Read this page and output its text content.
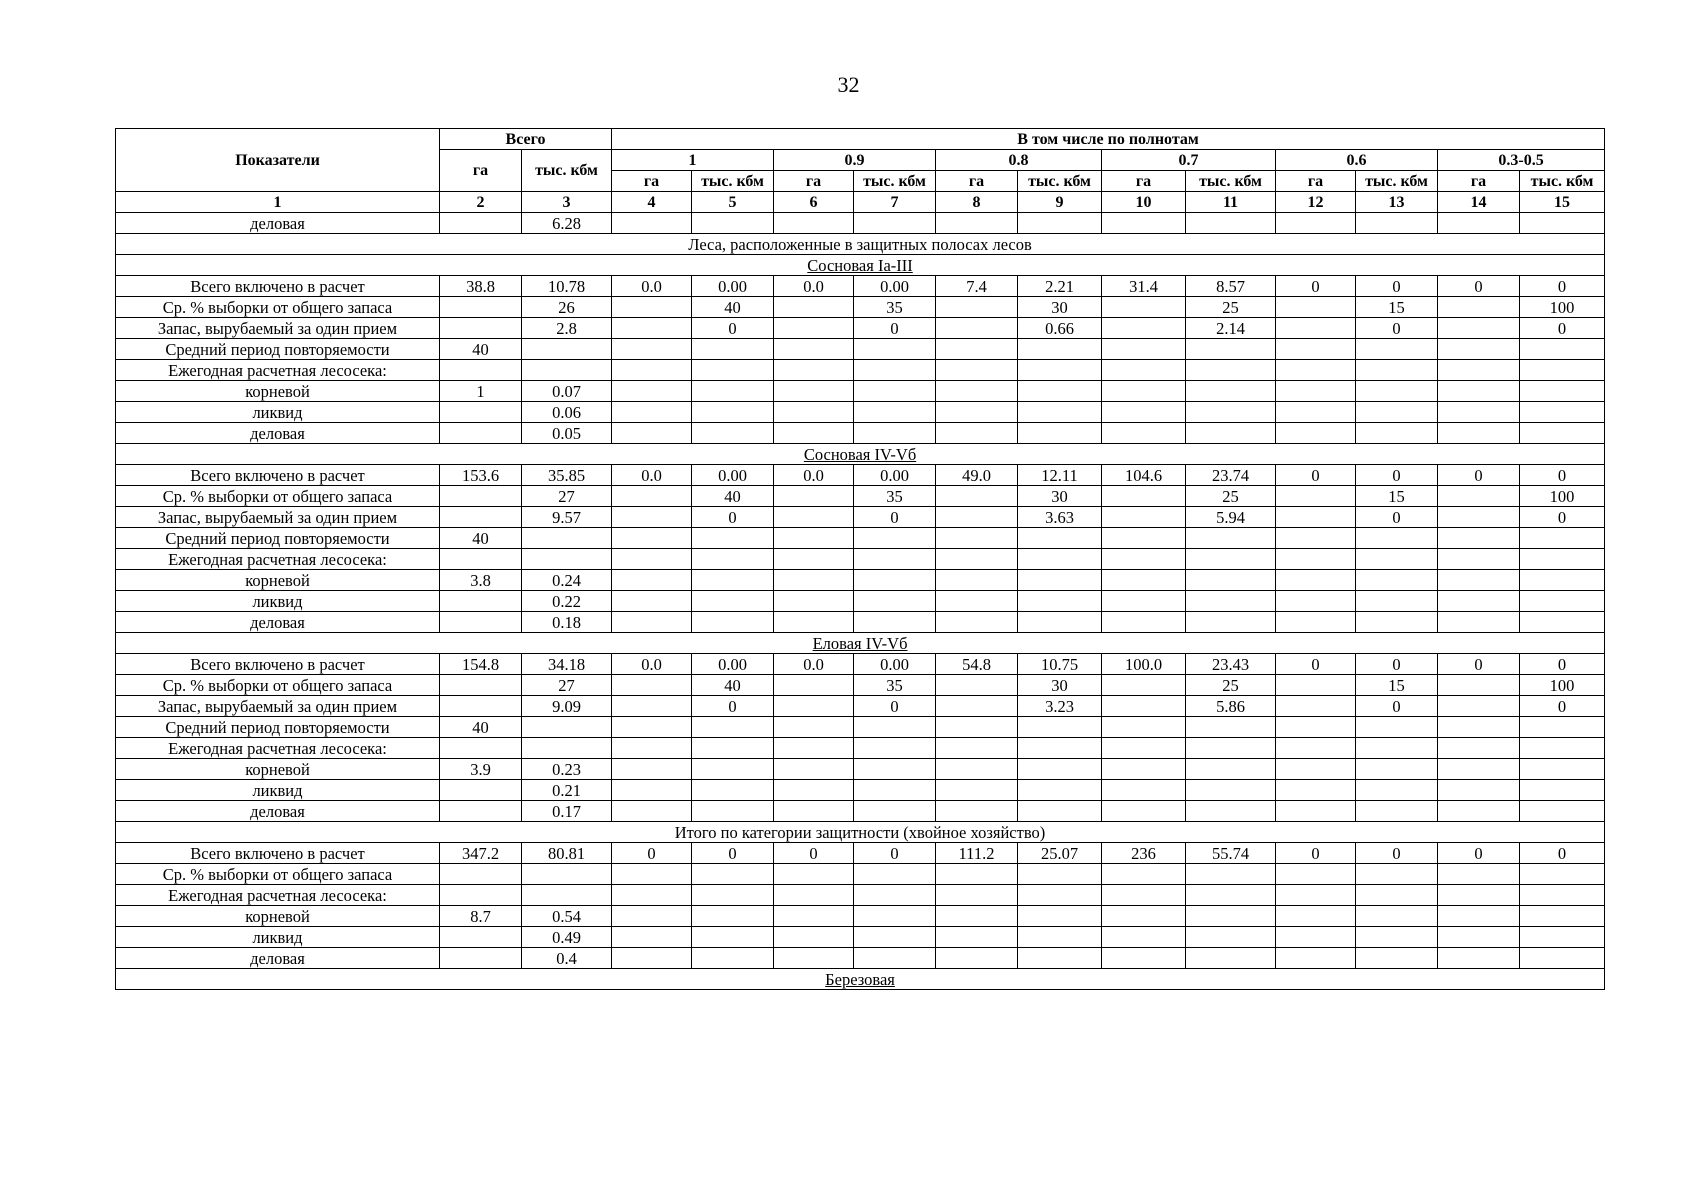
32
Показатели	Всего		В том числе по полнотам											
	га	тыс. кбм	1		0.9		0.8		0.7		0.6		0.3-0.5	
			га	тыс. кбм	га	тыс. кбм	га	тыс. кбм	га	тыс. кбм	га	тыс. кбм	га	тыс. кбм
1	2	3	4	5	6	7	8	9	10	11	12	13	14	15
деловая		6.28												
Леса, расположенные в защитных полосах лесов														
Сосновая Ia-III														
Всего включено в расчет	38.8	10.78	0.0	0.00	0.0	0.00	7.4	2.21	31.4	8.57	0	0	0	0
Ср. % выборки от общего запаса		26		40		35		30		25		15		100
Запас, вырубаемый за один прием		2.8		0		0		0.66		2.14		0		0
Средний период повторяемости	40													
Ежегодная расчетная лесосека:														
корневой	1	0.07												
ликвид		0.06												
деловая		0.05												
Сосновая IV-Vб														
Всего включено в расчет	153.6	35.85	0.0	0.00	0.0	0.00	49.0	12.11	104.6	23.74	0	0	0	0
Ср. % выборки от общего запаса		27		40		35		30		25		15		100
Запас, вырубаемый за один прием		9.57		0		0		3.63		5.94		0		0
Средний период повторяемости	40													
Ежегодная расчетная лесосека:														
корневой	3.8	0.24												
ликвид		0.22												
деловая		0.18												
Еловая IV-Vб														
Всего включено в расчет	154.8	34.18	0.0	0.00	0.0	0.00	54.8	10.75	100.0	23.43	0	0	0	0
Ср. % выборки от общего запаса		27		40		35		30		25		15		100
Запас, вырубаемый за один прием		9.09		0		0		3.23		5.86		0		0
Средний период повторяемости	40													
Ежегодная расчетная лесосека:														
корневой	3.9	0.23												
ликвид		0.21												
деловая		0.17												
Итого по категории защитности (хвойное хозяйство)														
Всего включено в расчет	347.2	80.81	0	0	0	0	111.2	25.07	236	55.74	0	0	0	0
Ср. % выборки от общего запаса														
Ежегодная расчетная лесосека:														
корневой	8.7	0.54												
ликвид		0.49												
деловая		0.4												
Березовая														
